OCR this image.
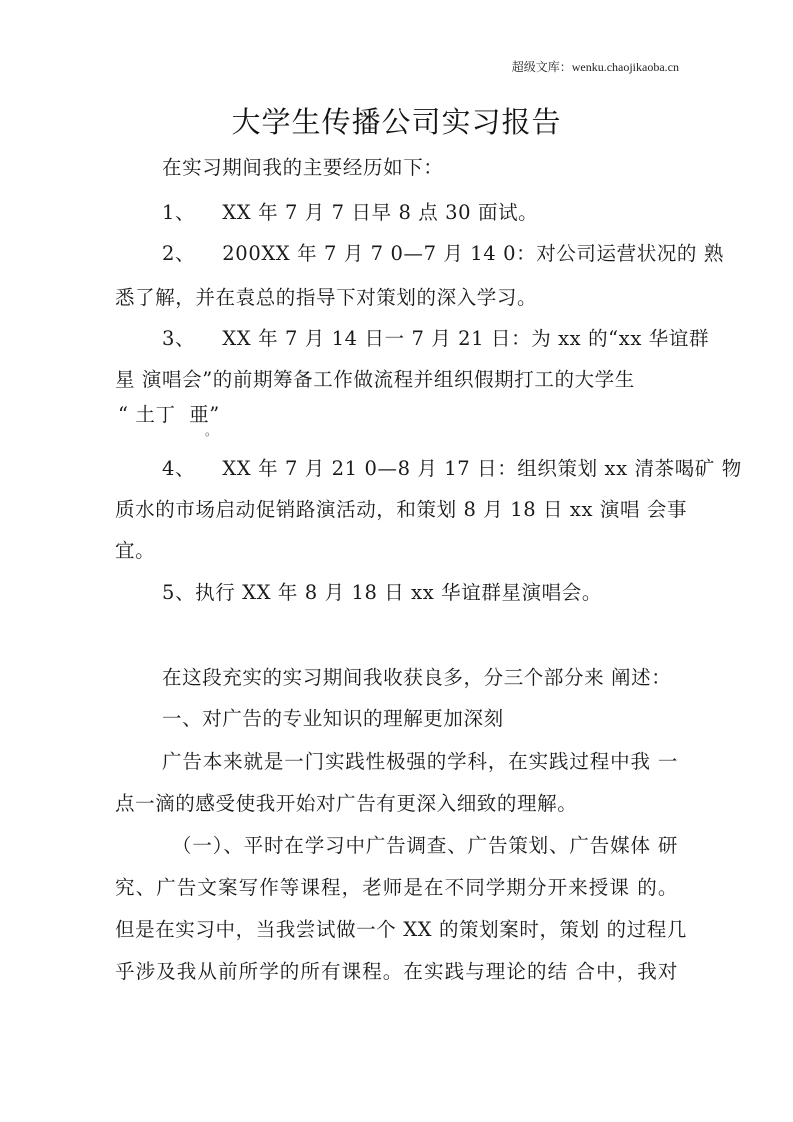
超级文库：wenku.chaojikaoba.cn
大学生传播公司实习报告
在实习期间我的主要经历如下：
1、    XX 年 7 月 7 日早 8 点 30 面试。
2、    200XX 年 7 月 7 0—7 月 14 0：对公司运营状况的 熟
悉了解，并在袁总的指导下对策划的深入学习。
3、    XX 年 7 月 14 日一 7 月 21 日：为 xx 的“xx 华谊群
星 演唱会”的前期筹备工作做流程并组织假期打工的大学生
“ 土丁  亜”
。
4、    XX 年 7 月 21 0—8 月 17 日：组织策划 xx 清茶喝矿 物
质水的市场启动促销路演活动，和策划 8 月 18 日 xx 演唱 会事
宜。
5、执行 XX 年 8 月 18 日 xx 华谊群星演唱会。
在这段充实的实习期间我收获良多，分三个部分来 阐述：
一、对广告的专业知识的理解更加深刻
广告本来就是一门实践性极强的学科，在实践过程中我 一
点一滴的感受使我开始对广告有更深入细致的理解。
（一）、平时在学习中广告调查、广告策划、广告媒体 研
究、广告文案写作等课程，老师是在不同学期分开来授课 的。
但是在实习中，当我尝试做一个 XX 的策划案时，策划 的过程几
乎涉及我从前所学的所有课程。在实践与理论的结 合中，我对
